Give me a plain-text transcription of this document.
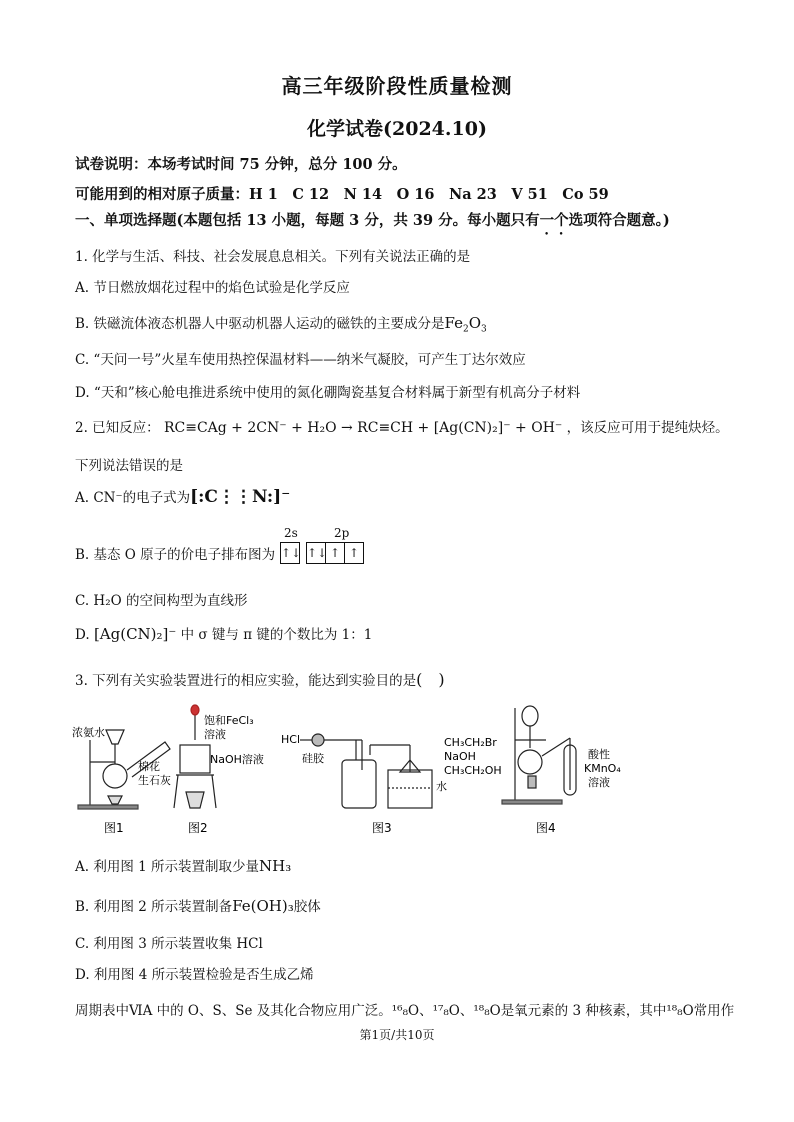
高三年级阶段性质量检测
化学试卷(2024.10)
试卷说明：本场考试时间 75 分钟，总分 100 分。
可能用到的相对原子质量：H 1　C 12　N 14　O 16　Na 23　V 51　Co 59
一、单项选择题(本题包括 13 小题，每题 3 分，共 39 分。每小题只有一个选项符合题意。)
1. 化学与生活、科技、社会发展息息相关。下列有关说法正确的是
A. 节日燃放烟花过程中的焰色试验是化学反应
B. 铁磁流体液态机器人中驱动机器人运动的磁铁的主要成分是$Fe_2O_3$
C. “天问一号”火星车使用热控保温材料——纳米气凝胶，可产生丁达尔效应
D. “天和”核心舱电推进系统中使用的氮化硼陶瓷基复合材料属于新型有机高分子材料
2. 已知反应： RC≡CAg + 2CN⁻ + H₂O → RC≡CH + [Ag(CN)₂]⁻ + OH⁻ ，该反应可用于提纯炔烃。
下列说法错误的是
A. CN⁻的电子式为[:C⋮⋮N:]⁻
B. 基态 O 原子的价电子排布图为
2s	2p
↑↓ ↑↓ ↑ ↑
C. H₂O 的空间构型为直线形
D. [Ag(CN)₂]⁻ 中 σ 键与 π 键的个数比为 1：1
3. 下列有关实验装置进行的相应实验，能达到实验目的是(　)
浓氨水
棉花
生石灰
饱和FeCl₃
溶液
NaOH溶液
HCl
硅胶
水
CH₃CH₂Br
NaOH
CH₃CH₂OH
酸性
KMnO₄
溶液
图1	图2	图3	图4
A. 利用图 1 所示装置制取少量NH₃
B. 利用图 2 所示装置制备Fe(OH)₃胶体
C. 利用图 3 所示装置收集 HCl
D. 利用图 4 所示装置检验是否生成乙烯
周期表中ⅥA 中的 O、S、Se 及其化合物应用广泛。¹⁶₈O、¹⁷₈O、¹⁸₈O是氧元素的 3 种核素，其中¹⁸₈O常用作
第1页/共10页
